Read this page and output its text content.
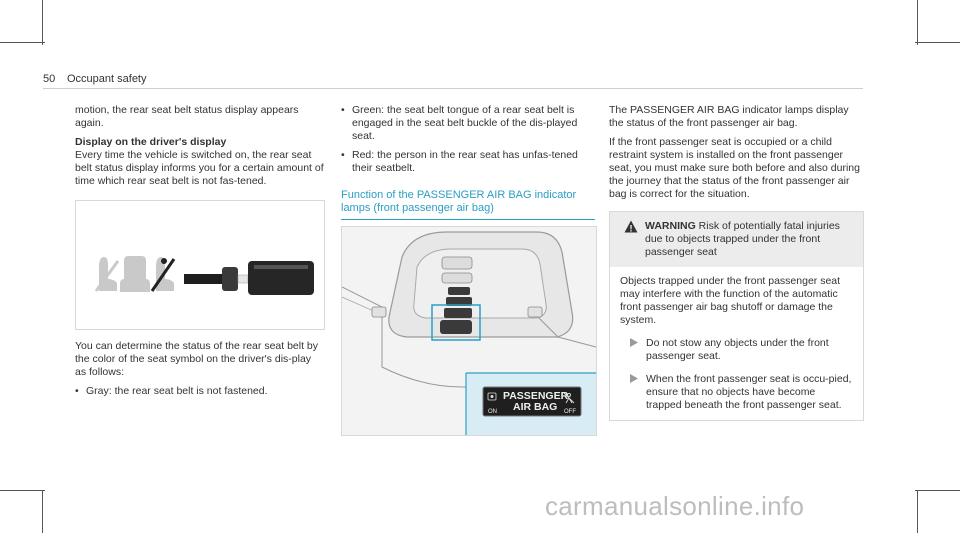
50 Occupant safety

motion, the rear seat belt status display appears again.

Display on the driver's display

Every time the vehicle is switched on, the rear seat belt status display informs you for a certain amount of time which rear seat belt is not fas-tened.

You can determine the status of the rear seat belt by the color of the seat symbol on the driver's dis-play as follows:

• Gray: the rear seat belt is not fastened.
• Green: the seat belt tongue of a rear seat belt is engaged in the seat belt buckle of the dis-played seat.
• Red: the person in the rear seat has unfas-tened their seatbelt.
Function of the PASSENGER AIR BAG indicator lamps (front passenger air bag)
PASSENGER
AIR BAG
ON	OFF

The PASSENGER AIR BAG indicator lamps display the status of the front passenger air bag.

If the front passenger seat is occupied or a child restraint system is installed on the front passenger seat, you must make sure both before and also during the journey that the status of the front passenger air bag is correct for the situation.

! WARNING Risk of potentially fatal injuries due to objects trapped under the front passenger seat

Objects trapped under the front passenger seat may interfere with the function of the automatic front passenger air bag shutoff or damage the system.

Do not stow any objects under the front passenger seat.
When the front passenger seat is occu-pied, ensure that no objects have become trapped beneath the front passenger seat.
carmanualsonline.info
